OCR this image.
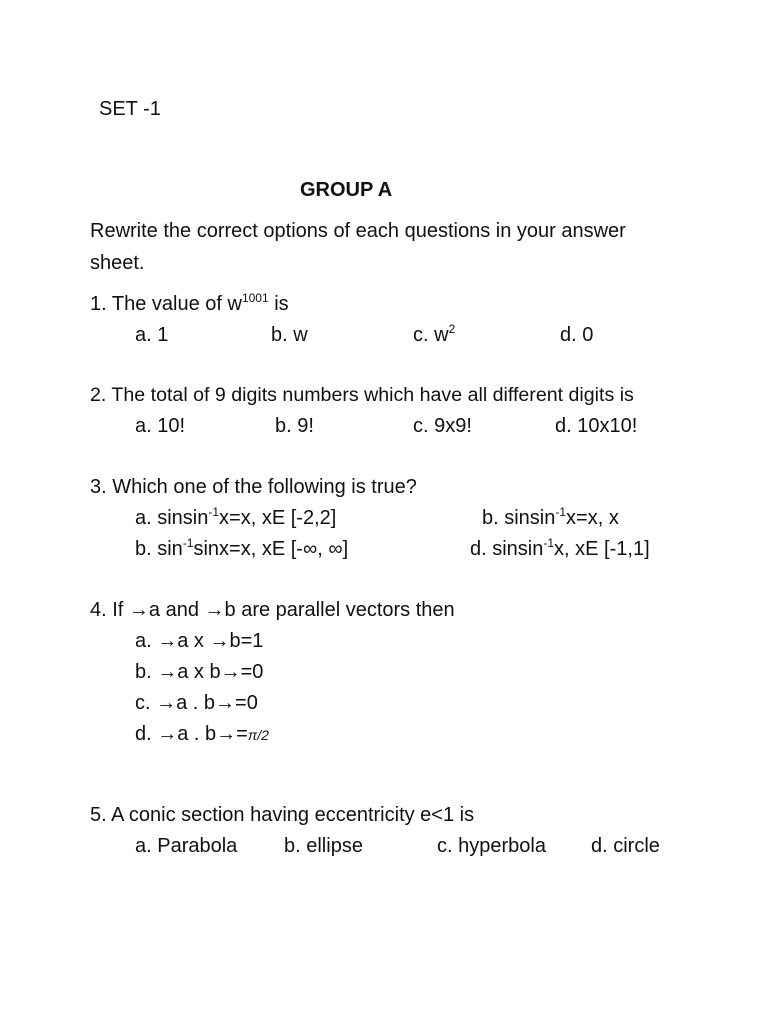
SET -1
GROUP A
Rewrite the correct options of each questions in your answer
sheet.
1. The value of $w^{1001}$ is
a. 1	b. w	c. $w^2$	d. 0
2. The total of 9 digits numbers which have all different digits is
a. 10!	b. 9!	c. 9x9!	d. 10x10!
3. Which one of the following is true?
a. sinsin$^{-1}$x=x, xE [-2,2]	b. sinsin$^{-1}$x=x, x
b. $\sin^{-1}\sin x=x$, xE [-∞, ∞]	d. sinsin$^{-1}$x, xE [-1,1]
4. If →a and →b are parallel vectors then
a. →a x →b=1
b. →a x b→=0
c. →a . b→=0
d. →a . b→=π/2
5. A conic section having eccentricity e<1 is
a. Parabola b. ellipse	c. hyperbola d. circle
